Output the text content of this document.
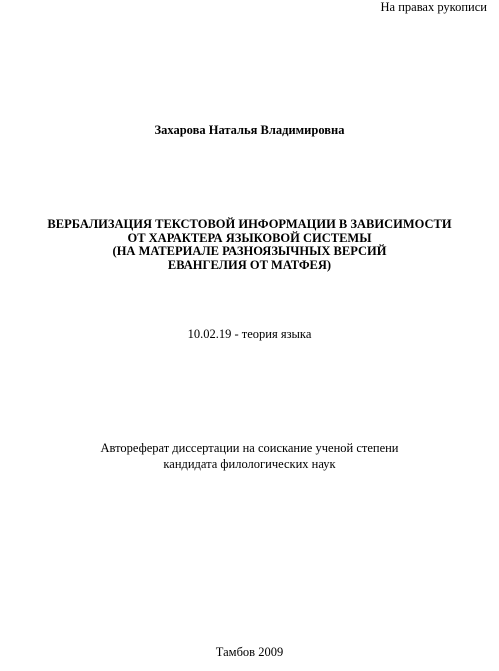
На правах рукописи
Захарова Наталья Владимировна
ВЕРБАЛИЗАЦИЯ ТЕКСТОВОЙ ИНФОРМАЦИИ В ЗАВИСИМОСТИ
ОТ ХАРАКТЕРА ЯЗЫКОВОЙ СИСТЕМЫ
(НА МАТЕРИАЛЕ РАЗНОЯЗЫЧНЫХ ВЕРСИЙ
ЕВАНГЕЛИЯ ОТ МАТФЕЯ)
10.02.19 - теория языка
Автореферат диссертации на соискание ученой степени
кандидата филологических наук
Тамбов 2009
